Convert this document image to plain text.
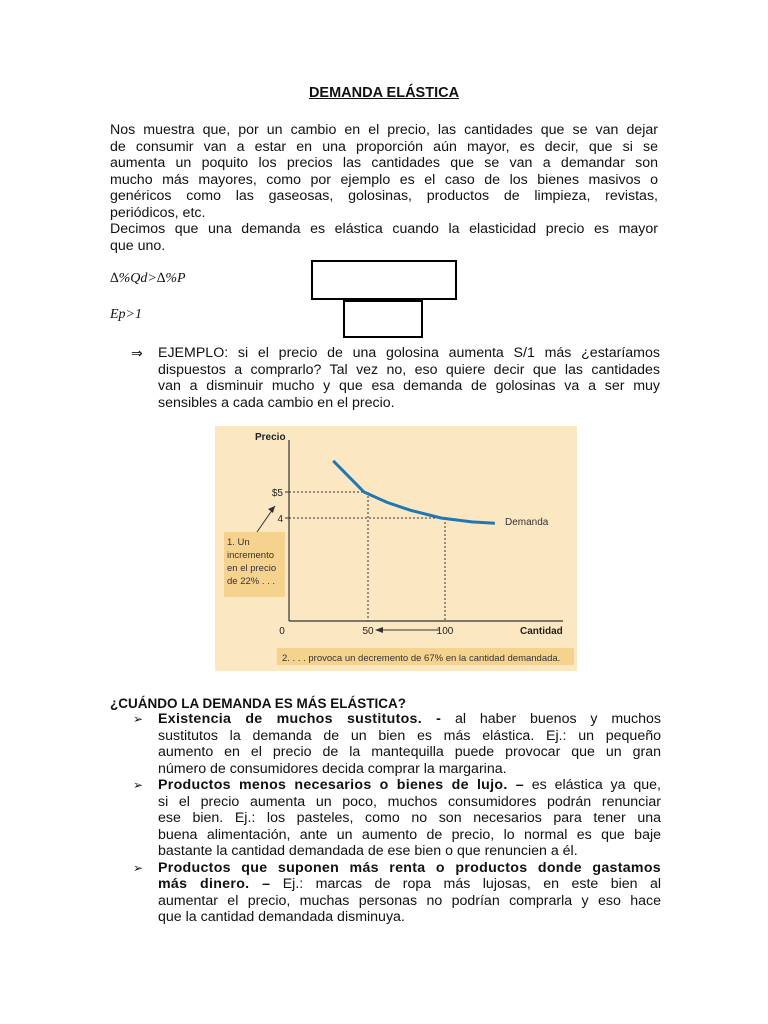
DEMANDA ELÁSTICA
Nos muestra que, por un cambio en el precio, las cantidades que se van dejar
de consumir van a estar en una proporción aún mayor, es decir, que si se
aumenta un poquito los precios las cantidades que se van a demandar son
mucho más mayores, como por ejemplo es el caso de los bienes masivos o
genéricos como las gaseosas, golosinas, productos de limpieza, revistas,
periódicos, etc.
Decimos que una demanda es elástica cuando la elasticidad precio es mayor
que uno.
∆%Qd>∆%P
Ep>1
⇒ EJEMPLO: si el precio de una golosina aumenta S/1 más ¿estaríamos
dispuestos a comprarlo? Tal vez no, eso quiere decir que las cantidades
van a disminuir mucho y que esa demanda de golosinas va a ser muy
sensibles a cada cambio en el precio.
Precio
$5
4
0	50	100	Cantidad
Demanda
1. Un
incremento
en el precio
de 22% . . .
2. . . . provoca un decremento de 67% en la cantidad demandada.
¿CUÁNDO LA DEMANDA ES MÁS ELÁSTICA?
➢ Existencia de muchos sustitutos. - al haber buenos y muchos
sustitutos la demanda de un bien es más elástica. Ej.: un pequeño
aumento en el precio de la mantequilla puede provocar que un gran
número de consumidores decida comprar la margarina.
➢ Productos menos necesarios o bienes de lujo. – es elástica ya que,
si el precio aumenta un poco, muchos consumidores podrán renunciar
ese bien. Ej.: los pasteles, como no son necesarios para tener una
buena alimentación, ante un aumento de precio, lo normal es que baje
bastante la cantidad demandada de ese bien o que renuncien a él.
➢ Productos que suponen más renta o productos donde gastamos
más dinero. – Ej.: marcas de ropa más lujosas, en este bien al
aumentar el precio, muchas personas no podrían comprarla y eso hace
que la cantidad demandada disminuya.
